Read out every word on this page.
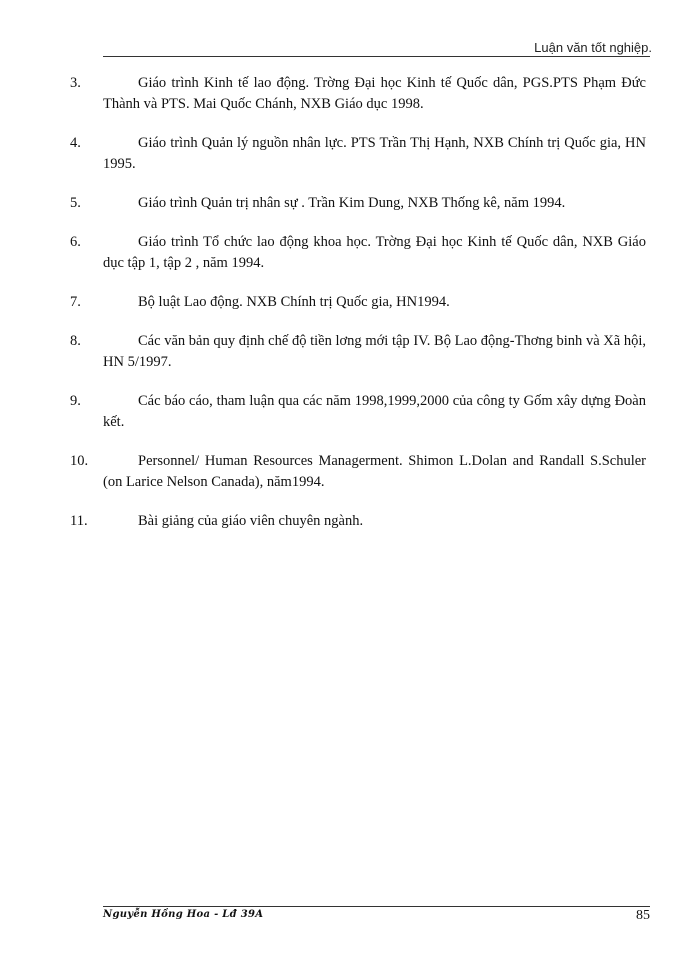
Luận văn tốt nghiệp.
3.	Giáo trình Kinh tế lao động. Trờng Đại học Kinh tế Quốc dân, PGS.PTS Phạm Đức Thành và PTS. Mai Quốc Chánh, NXB Giáo dục 1998.
4.	Giáo trình Quản lý nguồn nhân lực. PTS Trần Thị Hạnh, NXB Chính trị Quốc gia, HN 1995.
5.	Giáo trình Quản trị nhân sự . Trần Kim Dung, NXB Thống kê, năm 1994.
6.	Giáo trình Tổ chức lao động khoa học. Trờng Đại học Kinh tế Quốc dân, NXB Giáo dục tập 1, tập 2 , năm 1994.
7.	Bộ luật Lao động. NXB Chính trị Quốc gia, HN1994.
8.	Các văn bản quy định chế độ tiền lơng mới tập IV. Bộ Lao động-Thơng binh và Xã hội, HN 5/1997.
9.	Các báo cáo, tham luận qua các năm 1998,1999,2000 của công ty Gốm xây dựng Đoàn kết.
10.	Personnel/ Human Resources Managerment. Shimon L.Dolan and Randall S.Schuler (on Larice Nelson Canada), năm1994.
11.	Bài giảng của giáo viên chuyên ngành.
Nguyễn Hồng Hoa - Lđ 39A	85
